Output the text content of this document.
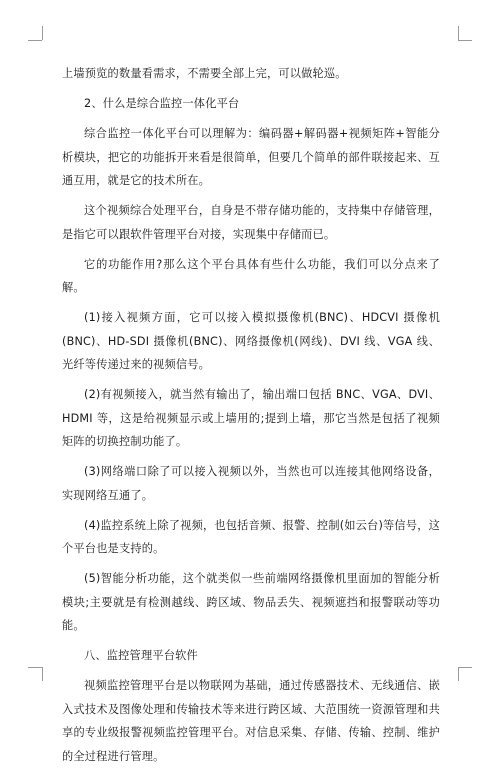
上墙预览的数量看需求，不需要全部上完，可以做轮巡。

2、什么是综合监控一体化平台

综合监控一体化平台可以理解为：编码器+解码器+视频矩阵+智能分析模块，把它的功能拆开来看是很简单，但要几个简单的部件联接起来、互通互用，就是它的技术所在。

这个视频综合处理平台，自身是不带存储功能的，支持集中存储管理，是指它可以跟软件管理平台对接，实现集中存储而已。

它的功能作用?那么这个平台具体有些什么功能，我们可以分点来了解。

(1)接入视频方面，它可以接入模拟摄像机(BNC)、HDCVI 摄像机(BNC)、HD-SDI 摄像机(BNC)、网络摄像机(网线)、DVI 线、VGA 线、光纤等传递过来的视频信号。

(2)有视频接入，就当然有输出了，输出端口包括 BNC、VGA、DVI、HDMI 等，这是给视频显示或上墙用的;提到上墙，那它当然是包括了视频矩阵的切换控制功能了。

(3)网络端口除了可以接入视频以外，当然也可以连接其他网络设备，实现网络互通了。

(4)监控系统上除了视频，也包括音频、报警、控制(如云台)等信号，这个平台也是支持的。

(5)智能分析功能，这个就类似一些前端网络摄像机里面加的智能分析模块;主要就是有检测越线、跨区域、物品丢失、视频遮挡和报警联动等功能。

八、监控管理平台软件

视频监控管理平台是以物联网为基础，通过传感器技术、无线通信、嵌入式技术及图像处理和传输技术等来进行跨区域、大范围统一资源管理和共享的专业级报警视频监控管理平台。对信息采集、存储、传输、控制、维护的全过程进行管理。
